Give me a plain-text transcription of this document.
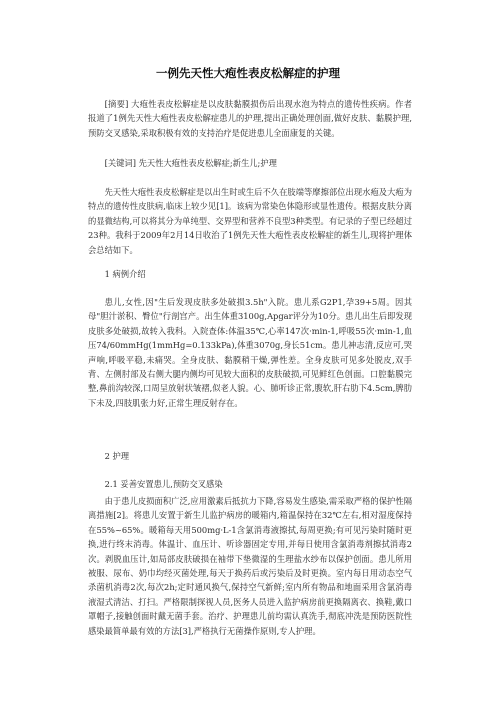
一例先天性大疱性表皮松解症的护理
[摘要] 大疱性表皮松解症是以皮肤黏膜损伤后出现水泡为特点的遗传性疾病。作者报道了1例先天性大疱性表皮松解症患儿的护理,提出正确处理创面,做好皮肤、黏膜护理,预防交叉感染,采取积极有效的支持治疗是促进患儿全面康复的关键。
[关键词] 先天性大疱性表皮松解症;新生儿;护理
先天性大疱性表皮松解症是以出生时或生后不久在肢端等摩擦部位出现水疱及大疱为特点的遗传性皮肤病,临床上较少见[1]。该病为常染色体隐形或显性遗传。根据皮肤分离的显微结构,可以将其分为单纯型、交界型和营养不良型3种类型。有记录的子型已经超过23种。我科于2009年2月14日收治了1例先天性大疱性表皮松解症的新生儿,现将护理体会总结如下。
1 病例介绍
患儿,女性,因"生后发现皮肤多处破损3.5h"入院。患儿系G2P1,孕39+5周。因其母"胆汁淤积、臀位"行剖宫产。出生体重3100g,Apgar评分为10分。患儿出生后即发现皮肤多处破损,故转入我科。入院查体:体温35℃,心率147次·min-1,呼吸55次·min-1,血压74/60mmHg(1mmHg=0.133kPa),体重3070g,身长51cm。患儿神志清,反应可,哭声响,呼吸平稳,未痛哭。全身皮肤、黏膜稍干燥,弹性差。全身皮肤可见多处脱皮,双手背、左侧肘部及右侧大腿内侧均可见较大面积的皮肤破损,可见鲜红色创面。口腔黏膜完整,鼻前沟较深,口周呈放射状皱褶,似老人貌。心、肺听诊正常,腹软,肝右肋下4.5cm,脾肋下未及,四肢肌张力好,正常生理反射存在。
2 护理
2.1 妥善安置患儿,预防交叉感染
由于患儿皮损面积广泛,应用激素后抵抗力下降,容易发生感染,需采取严格的保护性隔离措施[2]。将患儿安置于新生儿监护病房的暖箱内,箱温保持在32℃左右,相对湿度保持在55%~65%。暖箱每天用500mg·L-1含氯消毒液擦拭,每周更换;有可见污染时随时更换,进行终末消毒。体温计、血压计、听诊器固定专用,并每日使用含氯消毒剂擦拭消毒2次。剥脱血压计,如局部皮肤破损在袖带下垫微湿的生理盐水纱布以保护创面。患儿所用被服、尿布、奶巾均经灭菌处理,每天于换药后或污染后及时更换。室内每日用动态空气杀菌机消毒2次,每次2h;定时通风换气,保持空气新鲜;室内所有物品和地面采用含氯消毒液湿式清洁、打扫。严格限制探视人员,医务人员进入监护病房前更换隔离衣、换鞋,戴口罩帽子,接触创面时戴无菌手套。治疗、护理患儿前均需认真洗手,彻底冲洗是预防医院性感染最简单最有效的方法[3],严格执行无菌操作原则,专人护理。
